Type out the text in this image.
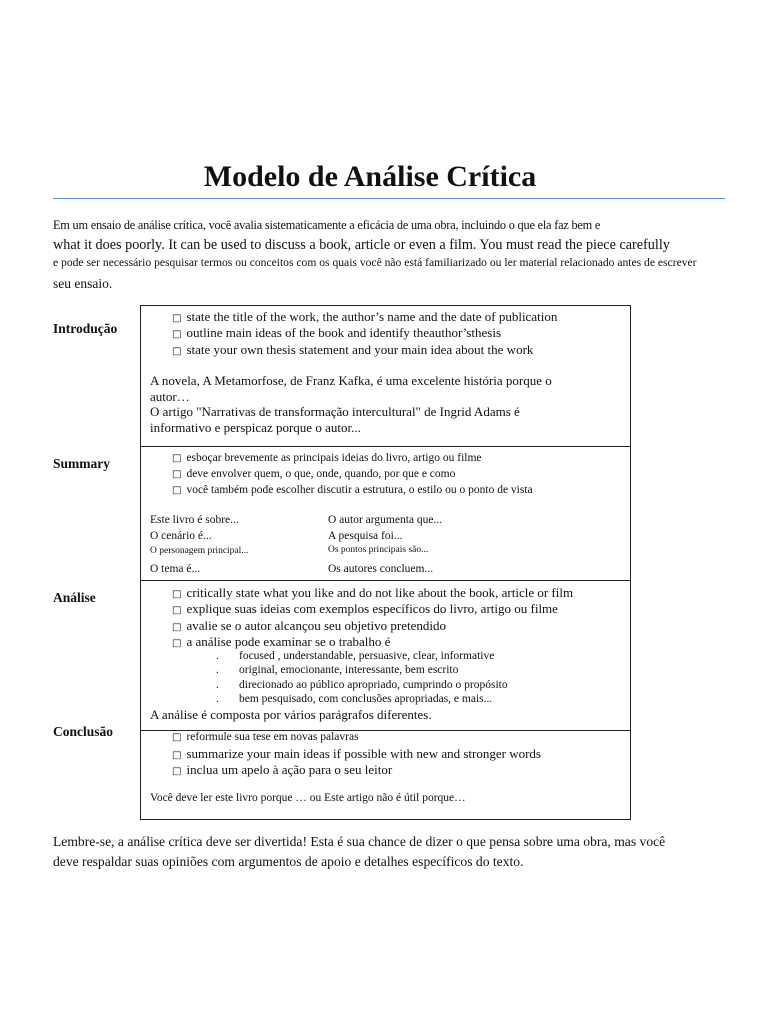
Modelo de Análise Crítica
Em um ensaio de análise crítica, você avalia sistematicamente a eficácia de uma obra, incluindo o que ela faz bem e
what it does poorly. It can be used to discuss a book, article or even a film. You must read the piece carefully
e pode ser necessário pesquisar termos ou conceitos com os quais você não está familiarizado ou ler material relacionado antes de escrever
seu ensaio.
Introdução
Summary
Análise
Conclusão
□ state the title of the work, the author’s name and the date of publication
□ outline main ideas of the book and identify theauthor’sthesis
□ state your own thesis statement and your main idea about the work
A novela, A Metamorfose, de Franz Kafka, é uma excelente história porque o
autor…
O artigo "Narrativas de transformação intercultural" de Ingrid Adams é
informativo e perspicaz porque o autor...
□ esboçar brevemente as principais ideias do livro, artigo ou filme
□ deve envolver quem, o que, onde, quando, por que e como
□ você também pode escolher discutir a estrutura, o estilo ou o ponto de vista
Este livro é sobre...
O cenário é...
O personagem principal...
O tema é...
O autor argumenta que...
A pesquisa foi...
Os pontos principais são...
Os autores concluem...
□ critically state what you like and do not like about the book, article or film
□ explique suas ideias com exemplos específicos do livro, artigo ou filme
□ avalie se o autor alcançou seu objetivo pretendido
□ a análise pode examinar se o trabalho é
. focused , understandable, persuasive, clear, informative
. original, emocionante, interessante, bem escrito
. direcionado ao público apropriado, cumprindo o propósito
. bem pesquisado, com conclusões apropriadas, e mais...
A análise é composta por vários parágrafos diferentes.
□ reformule sua tese em novas palavras
□ summarize your main ideas if possible with new and stronger words
□ inclua um apelo à ação para o seu leitor
Você deve ler este livro porque … ou Este artigo não é útil porque…
Lembre-se, a análise crítica deve ser divertida! Esta é sua chance de dizer o que pensa sobre uma obra, mas você
deve respaldar suas opiniões com argumentos de apoio e detalhes específicos do texto.
